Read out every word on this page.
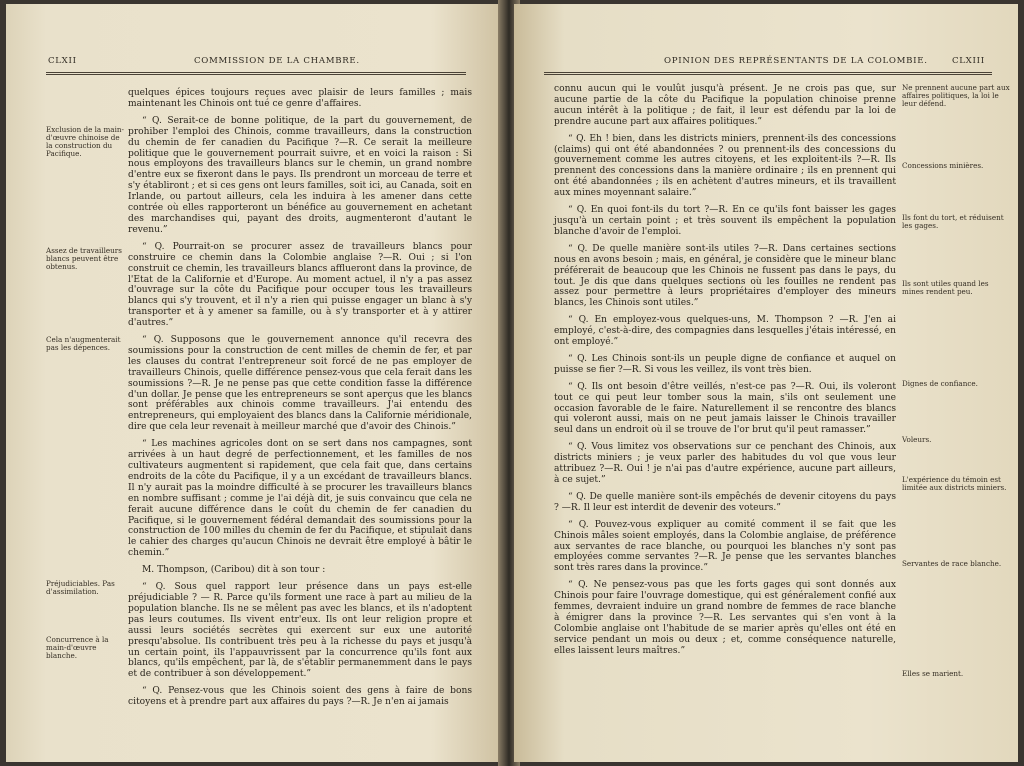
CLXII	COMMISSION DE LA CHAMBRE.
Exclusion de la main-d'œuvre chinoise de la construction du Pacifique.
Assez de travailleurs blancs peuvent être obtenus.
Cela n'augmenterait pas les dépences.
Préjudiciables. Pas d'assimilation.
Concurrence à la main-d'œuvre blanche.

quelques épices toujours reçues avec plaisir de leurs familles ; mais maintenant les Chinois ont tué ce genre d'affaires.

“ Q. Serait-ce de bonne politique, de la part du gouvernement, de prohiber l'emploi des Chinois, comme travailleurs, dans la construction du chemin de fer canadien du Pacifique ?—R. Ce serait la meilleure politique que le gouvernement pourrait suivre, et en voici la raison : Si nous employons des travailleurs blancs sur le chemin, un grand nombre d'entre eux se fixeront dans le pays. Ils prendront un morceau de terre et s'y établiront ; et si ces gens ont leurs familles, soit ici, au Canada, soit en Irlande, ou partout ailleurs, cela les induira à les amener dans cette contrée où elles rapporteront un bénéfice au gouvernement en achetant des marchandises qui, payant des droits, augmenteront d'autant le revenu.”

“ Q. Pourrait-on se procurer assez de travailleurs blancs pour construire ce chemin dans la Colombie anglaise ?—R. Oui ; si l'on construit ce chemin, les travailleurs blancs afflueront dans la province, de l'Etat de la Californie et d'Europe. Au moment actuel, il n'y a pas assez d'ouvrage sur la côte du Pacifique pour occuper tous les travailleurs blancs qui s'y trouvent, et il n'y a rien qui puisse engager un blanc à s'y transporter et à y amener sa famille, ou à s'y transporter et à y attirer d'autres.”

“ Q. Supposons que le gouvernement annonce qu'il recevra des soumissions pour la construction de cent milles de chemin de fer, et par les clauses du contrat l'entrepreneur soit forcé de ne pas employer de travailleurs Chinois, quelle différence pensez-vous que cela ferait dans les soumissions ?—R. Je ne pense pas que cette condition fasse la différence d'un dollar. Je pense que les entrepreneurs se sont aperçus que les blancs sont préférables aux chinois comme travailleurs. J'ai entendu des entrepreneurs, qui employaient des blancs dans la Californie méridionale, dire que cela leur revenait à meilleur marché que d'avoir des Chinois.”

“ Les machines agricoles dont on se sert dans nos campagnes, sont arrivées à un haut degré de perfectionnement, et les familles de nos cultivateurs augmentent si rapidement, que cela fait que, dans certains endroits de la côte du Pacifique, il y a un excédant de travailleurs blancs. Il n'y aurait pas la moindre difficulté à se procurer les travailleurs blancs en nombre suffisant ; comme je l'ai déjà dit, je suis convaincu que cela ne ferait aucune différence dans le coût du chemin de fer canadien du Pacifique, si le gouvernement fédéral demandait des soumissions pour la construction de 100 milles du chemin de fer du Pacifique, et stipulait dans le cahier des charges qu'aucun Chinois ne devrait être employé à bâtir le chemin.”

M. Thompson, (Caribou) dit à son tour :

“ Q. Sous quel rapport leur présence dans un pays est-elle préjudiciable ? — R. Parce qu'ils forment une race à part au milieu de la population blanche. Ils ne se mêlent pas avec les blancs, et ils n'adoptent pas leurs coutumes. Ils vivent entr'eux. Ils ont leur religion propre et aussi leurs sociétés secrètes qui exercent sur eux une autorité presqu'absolue. Ils contribuent très peu à la richesse du pays et jusqu'à un certain point, ils l'appauvrissent par la concurrence qu'ils font aux blancs, qu'ils empêchent, par là, de s'établir permanemment dans le pays et de contribuer à son développement.”

“ Q. Pensez-vous que les Chinois soient des gens à faire de bons citoyens et à prendre part aux affaires du pays ?—R. Je n'en ai jamais

OPINION DES REPRÉSENTANTS DE LA COLOMBIE.	CLXIII

connu aucun qui le voulût jusqu'à présent. Je ne crois pas que, sur aucune partie de la côte du Pacifique la population chinoise prenne aucun intérêt à la politique ; de fait, il leur est défendu par la loi de prendre aucune part aux affaires politiques.”

“ Q. Eh ! bien, dans les districts miniers, prennent-ils des concessions (claims) qui ont été abandonnées ? ou prennent-ils des concessions du gouvernement comme les autres citoyens, et les exploitent-ils ?—R. Ils prennent des concessions dans la manière ordinaire ; ils en prennent qui ont été abandonnées ; ils en achètent d'autres mineurs, et ils travaillent aux mines moyennant salaire.”

“ Q. En quoi font-ils du tort ?—R. En ce qu'ils font baisser les gages jusqu'à un certain point ; et très souvent ils empêchent la population blanche d'avoir de l'emploi.

“ Q. De quelle manière sont-ils utiles ?—R. Dans certaines sections nous en avons besoin ; mais, en général, je considère que le mineur blanc préférerait de beaucoup que les Chinois ne fussent pas dans le pays, du tout. Je dis que dans quelques sections où les fouilles ne rendent pas assez pour permettre à leurs propriétaires d'employer des mineurs blancs, les Chinois sont utiles.”

“ Q. En employez-vous quelques-uns, M. Thompson ? —R. J'en ai employé, c'est-à-dire, des compagnies dans lesquelles j'étais intéressé, en ont employé.”

“ Q. Les Chinois sont-ils un peuple digne de confiance et auquel on puisse se fier ?—R. Si vous les veillez, ils vont très bien.

“ Q. Ils ont besoin d'être veillés, n'est-ce pas ?—R. Oui, ils voleront tout ce qui peut leur tomber sous la main, s'ils ont seulement une occasion favorable de le faire. Naturellement il se rencontre des blancs qui voleront aussi, mais on ne peut jamais laisser le Chinois travailler seul dans un endroit où il se trouve de l'or brut qu'il peut ramasser.”

“ Q. Vous limitez vos observations sur ce penchant des Chinois, aux districts miniers ; je veux parler des habitudes du vol que vous leur attribuez ?—R. Oui ! je n'ai pas d'autre expérience, aucune part ailleurs, à ce sujet.”

“ Q. De quelle manière sont-ils empêchés de devenir citoyens du pays ? —R. Il leur est interdit de devenir des voteurs.”

“ Q. Pouvez-vous expliquer au comité comment il se fait que les Chinois mâles soient employés, dans la Colombie anglaise, de préférence aux servantes de race blanche, ou pourquoi les blanches n'y sont pas employées comme servantes ?—R. Je pense que les servantes blanches sont très rares dans la province.”

“ Q. Ne pensez-vous pas que les forts gages qui sont donnés aux Chinois pour faire l'ouvrage domestique, qui est généralement confié aux femmes, devraient induire un grand nombre de femmes de race blanche à émigrer dans la province ?—R. Les servantes qui s'en vont à la Colombie anglaise ont l'habitude de se marier après qu'elles ont été en service pendant un mois ou deux ; et, comme conséquence naturelle, elles laissent leurs maîtres.”

Ne prennent aucune part aux affaires politiques, la loi le leur défend.
Concessions minières.
Ils font du tort, et réduisent les gages.
Ils sont utiles quand les mines rendent peu.
Dignes de confiance.
Voleurs.
L'expérience du témoin est limitée aux districts miniers.
Servantes de race blanche.
Elles se marient.
